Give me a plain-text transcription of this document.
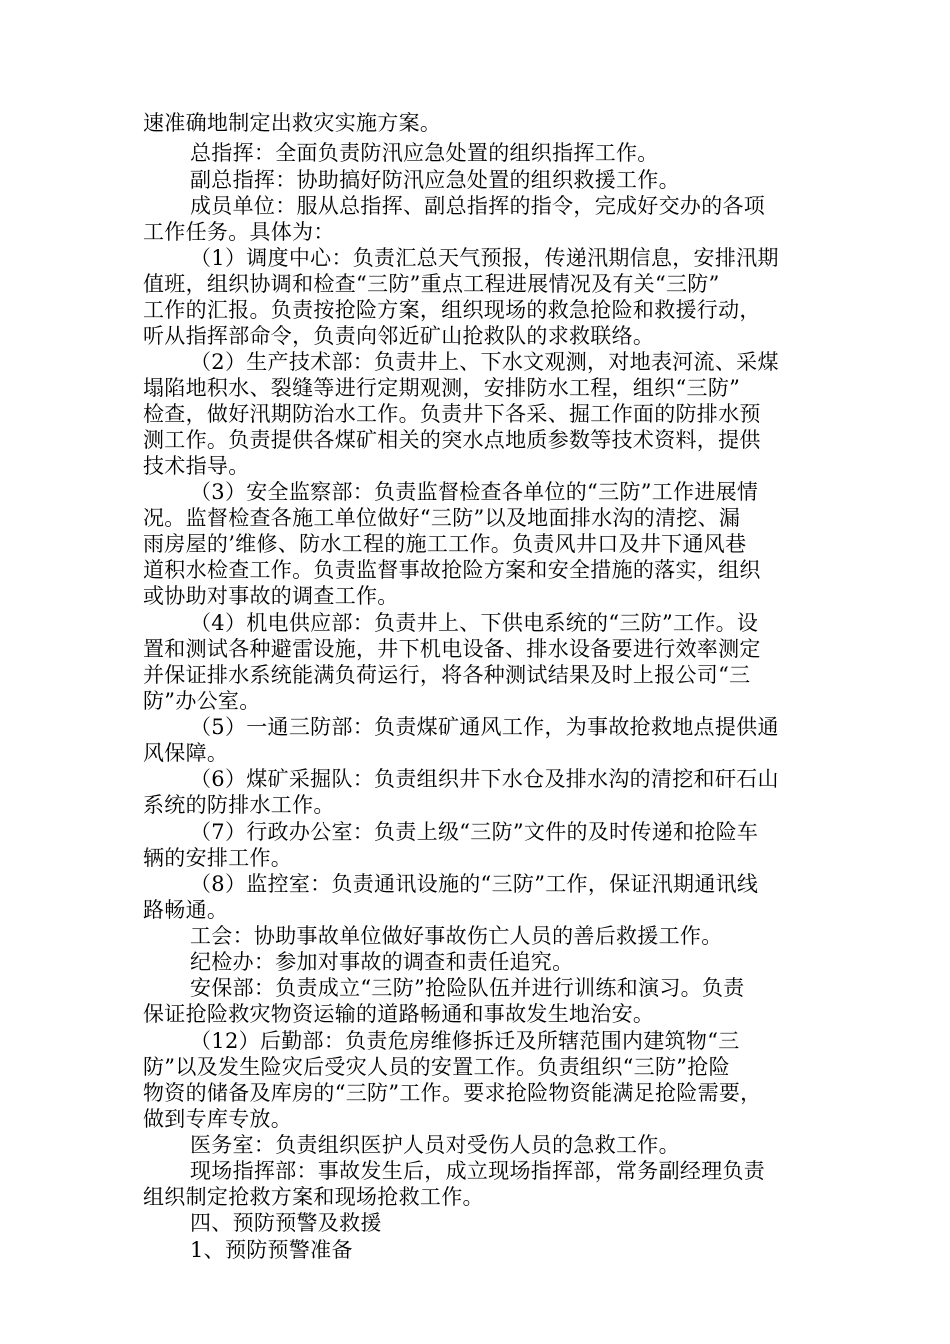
速准确地制定出救灾实施方案。
总指挥：全面负责防汛应急处置的组织指挥工作。
副总指挥：协助搞好防汛应急处置的组织救援工作。
成员单位：服从总指挥、副总指挥的指令，完成好交办的各项
工作任务。具体为：
（1）调度中心：负责汇总天气预报，传递汛期信息，安排汛期
值班，组织协调和检查“三防”重点工程进展情况及有关“三防”
工作的汇报。负责按抢险方案，组织现场的救急抢险和救援行动，
听从指挥部命令，负责向邻近矿山抢救队的求救联络。
（2）生产技术部：负责井上、下水文观测，对地表河流、采煤
塌陷地积水、裂缝等进行定期观测，安排防水工程，组织“三防”
检查，做好汛期防治水工作。负责井下各采、掘工作面的防排水预
测工作。负责提供各煤矿相关的突水点地质参数等技术资料，提供
技术指导。
（3）安全监察部：负责监督检查各单位的“三防”工作进展情
况。监督检查各施工单位做好“三防”以及地面排水沟的清挖、漏
雨房屋的’维修、防水工程的施工工作。负责风井口及井下通风巷
道积水检查工作。负责监督事故抢险方案和安全措施的落实，组织
或协助对事故的调查工作。
（4）机电供应部：负责井上、下供电系统的“三防”工作。设
置和测试各种避雷设施，井下机电设备、排水设备要进行效率测定
并保证排水系统能满负荷运行，将各种测试结果及时上报公司“三
防”办公室。
（5）一通三防部：负责煤矿通风工作，为事故抢救地点提供通
风保障。
（6）煤矿采掘队：负责组织井下水仓及排水沟的清挖和矸石山
系统的防排水工作。
（7）行政办公室：负责上级“三防”文件的及时传递和抢险车
辆的安排工作。
（8）监控室：负责通讯设施的“三防”工作，保证汛期通讯线
路畅通。
工会：协助事故单位做好事故伤亡人员的善后救援工作。
纪检办：参加对事故的调查和责任追究。
安保部：负责成立“三防”抢险队伍并进行训练和演习。负责
保证抢险救灾物资运输的道路畅通和事故发生地治安。
（12）后勤部：负责危房维修拆迁及所辖范围内建筑物“三
防”以及发生险灾后受灾人员的安置工作。负责组织“三防”抢险
物资的储备及库房的“三防”工作。要求抢险物资能满足抢险需要，
做到专库专放。
医务室：负责组织医护人员对受伤人员的急救工作。
现场指挥部：事故发生后，成立现场指挥部，常务副经理负责
组织制定抢救方案和现场抢救工作。
四、预防预警及救援
1、预防预警准备
